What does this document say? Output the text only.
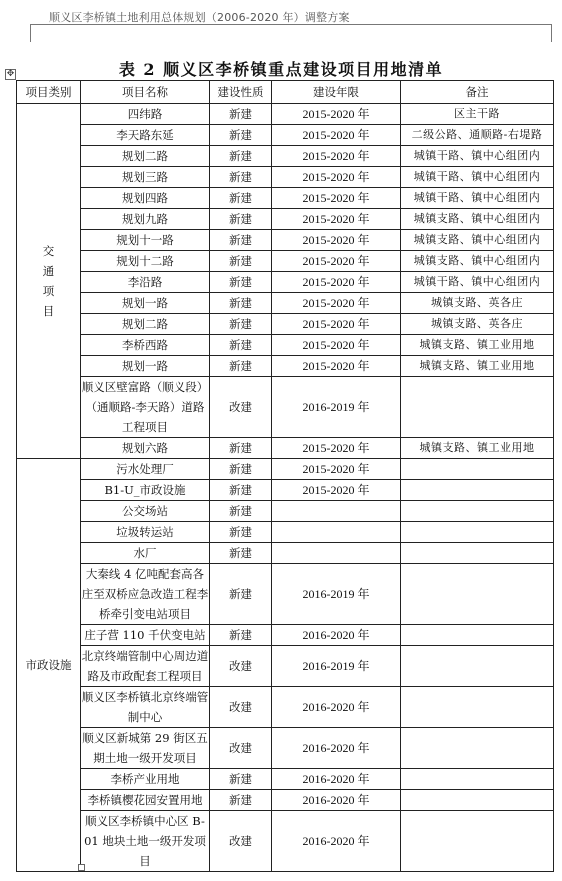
顺义区李桥镇土地利用总体规划（2006-2020 年）调整方案
表 2 顺义区李桥镇重点建设项目用地清单
✥
项目类别	项目名称	建设性质	建设年限	备注
交通项目	四纬路	新建	2015-2020 年	区主干路
	李天路东延	新建	2015-2020 年	二级公路、通顺路-右堤路
	规划二路	新建	2015-2020 年	城镇干路、镇中心组团内
	规划三路	新建	2015-2020 年	城镇干路、镇中心组团内
	规划四路	新建	2015-2020 年	城镇干路、镇中心组团内
	规划九路	新建	2015-2020 年	城镇支路、镇中心组团内
	规划十一路	新建	2015-2020 年	城镇支路、镇中心组团内
	规划十二路	新建	2015-2020 年	城镇支路、镇中心组团内
	李沿路	新建	2015-2020 年	城镇干路、镇中心组团内
	规划一路	新建	2015-2020 年	城镇支路、英各庄
	规划二路	新建	2015-2020 年	城镇支路、英各庄
	李桥西路	新建	2015-2020 年	城镇支路、镇工业用地
	规划一路	新建	2015-2020 年	城镇支路、镇工业用地
	顺义区壁富路（顺义段）（通顺路-李天路）道路工程项目	改建	2016-2019 年	
	规划六路	新建	2015-2020 年	城镇支路、镇工业用地
市政设施	污水处理厂	新建	2015-2020 年	
	B1-U_市政设施	新建	2015-2020 年	
	公交场站	新建		
	垃圾转运站	新建		
	水厂	新建		
	大秦线 4 亿吨配套高各庄至双桥应急改造工程李桥牵引变电站项目	新建	2016-2019 年	
	庄子营 110 千伏变电站	新建	2016-2020 年	
	北京终端管制中心周边道路及市政配套工程项目	改建	2016-2019 年	
	顺义区李桥镇北京终端管制中心	改建	2016-2020 年	
	顺义区新城第 29 街区五期土地一级开发项目	改建	2016-2020 年	
	李桥产业用地	新建	2016-2020 年	
	李桥镇樱花园安置用地	新建	2016-2020 年	
	顺义区李桥镇中心区 B-01 地块土地一级开发项目	改建	2016-2020 年	
